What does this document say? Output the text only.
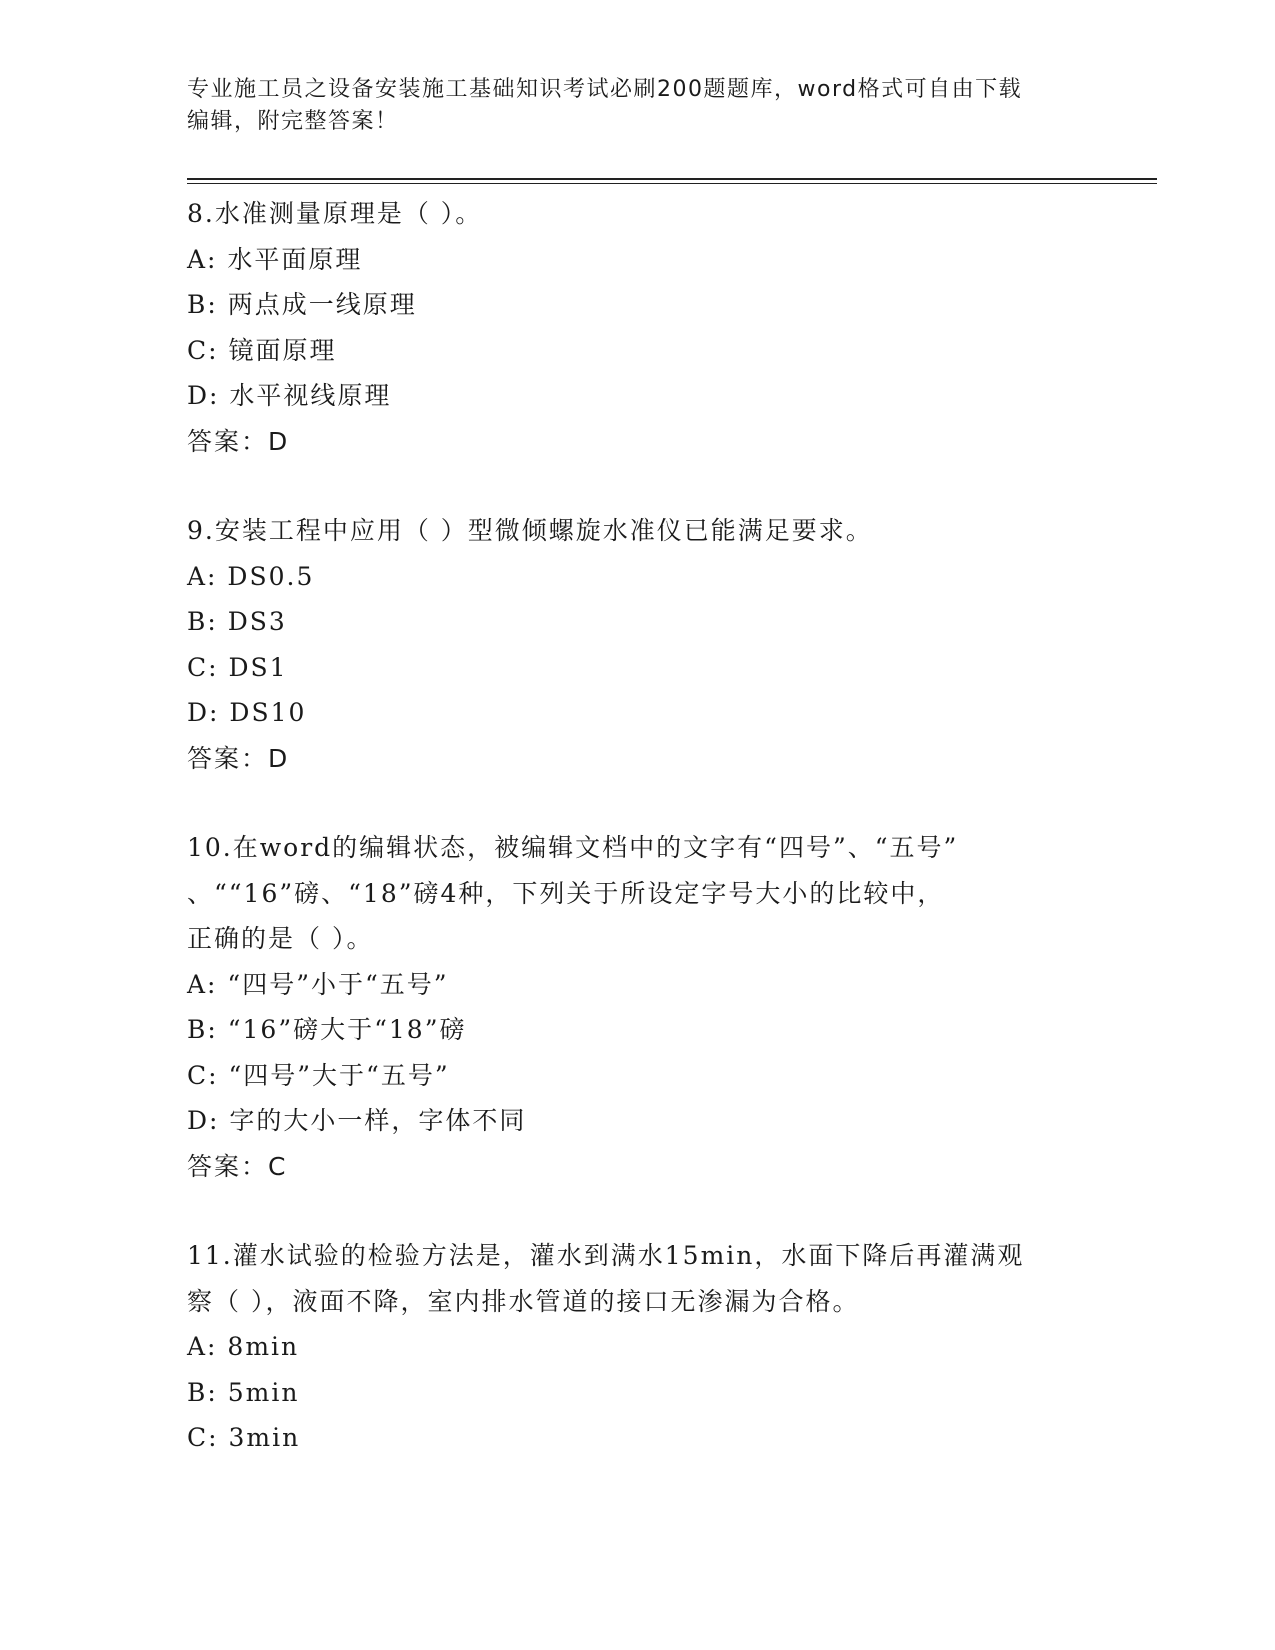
专业施工员之设备安装施工基础知识考试必刷200题题库，word格式可自由下载
编辑，附完整答案！
8.水准测量原理是（ ）。
A: 水平面原理
B: 两点成一线原理
C: 镜面原理
D: 水平视线原理
答案：D
9.安装工程中应用（ ）型微倾螺旋水准仪已能满足要求。
A: DS0.5
B: DS3
C: DS1
D: DS10
答案：D
10.在word的编辑状态，被编辑文档中的文字有“四号”、“五号”
、““16”磅、“18”磅4种，下列关于所设定字号大小的比较中，
正确的是（ ）。
A: “四号”小于“五号”
B: “16”磅大于“18”磅
C: “四号”大于“五号”
D: 字的大小一样，字体不同
答案：C
11.灌水试验的检验方法是，灌水到满水15min，水面下降后再灌满观
察（ ），液面不降，室内排水管道的接口无渗漏为合格。
A: 8min
B: 5min
C: 3min
